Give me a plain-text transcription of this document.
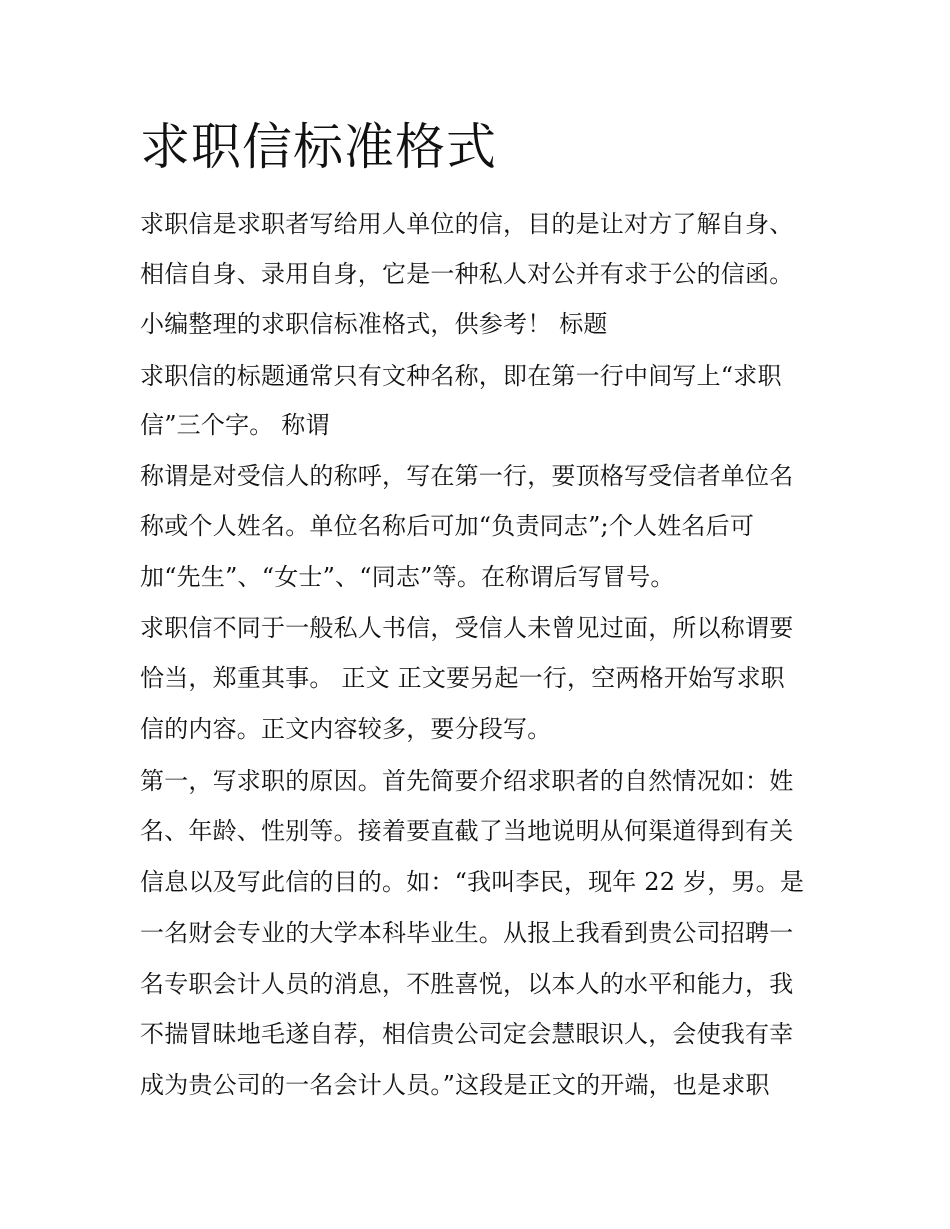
求职信标准格式
求职信是求职者写给用人单位的信，目的是让对方了解自身、
相信自身、录用自身，它是一种私人对公并有求于公的信函。
小编整理的求职信标准格式，供参考！ 标题
求职信的标题通常只有文种名称，即在第一行中间写上“求职
信”三个字。 称谓
称谓是对受信人的称呼，写在第一行，要顶格写受信者单位名
称或个人姓名。单位名称后可加“负责同志”;个人姓名后可
加“先生”、“女士”、“同志”等。在称谓后写冒号。
求职信不同于一般私人书信，受信人未曾见过面，所以称谓要
恰当，郑重其事。 正文 正文要另起一行，空两格开始写求职
信的内容。正文内容较多，要分段写。
第一，写求职的原因。首先简要介绍求职者的自然情况如：姓
名、年龄、性别等。接着要直截了当地说明从何渠道得到有关
信息以及写此信的目的。如：“我叫李民，现年 22 岁，男。是
一名财会专业的大学本科毕业生。从报上我看到贵公司招聘一
名专职会计人员的消息，不胜喜悦，以本人的水平和能力，我
不揣冒昧地毛遂自荐，相信贵公司定会慧眼识人，会使我有幸
成为贵公司的一名会计人员。”这段是正文的开端，也是求职
